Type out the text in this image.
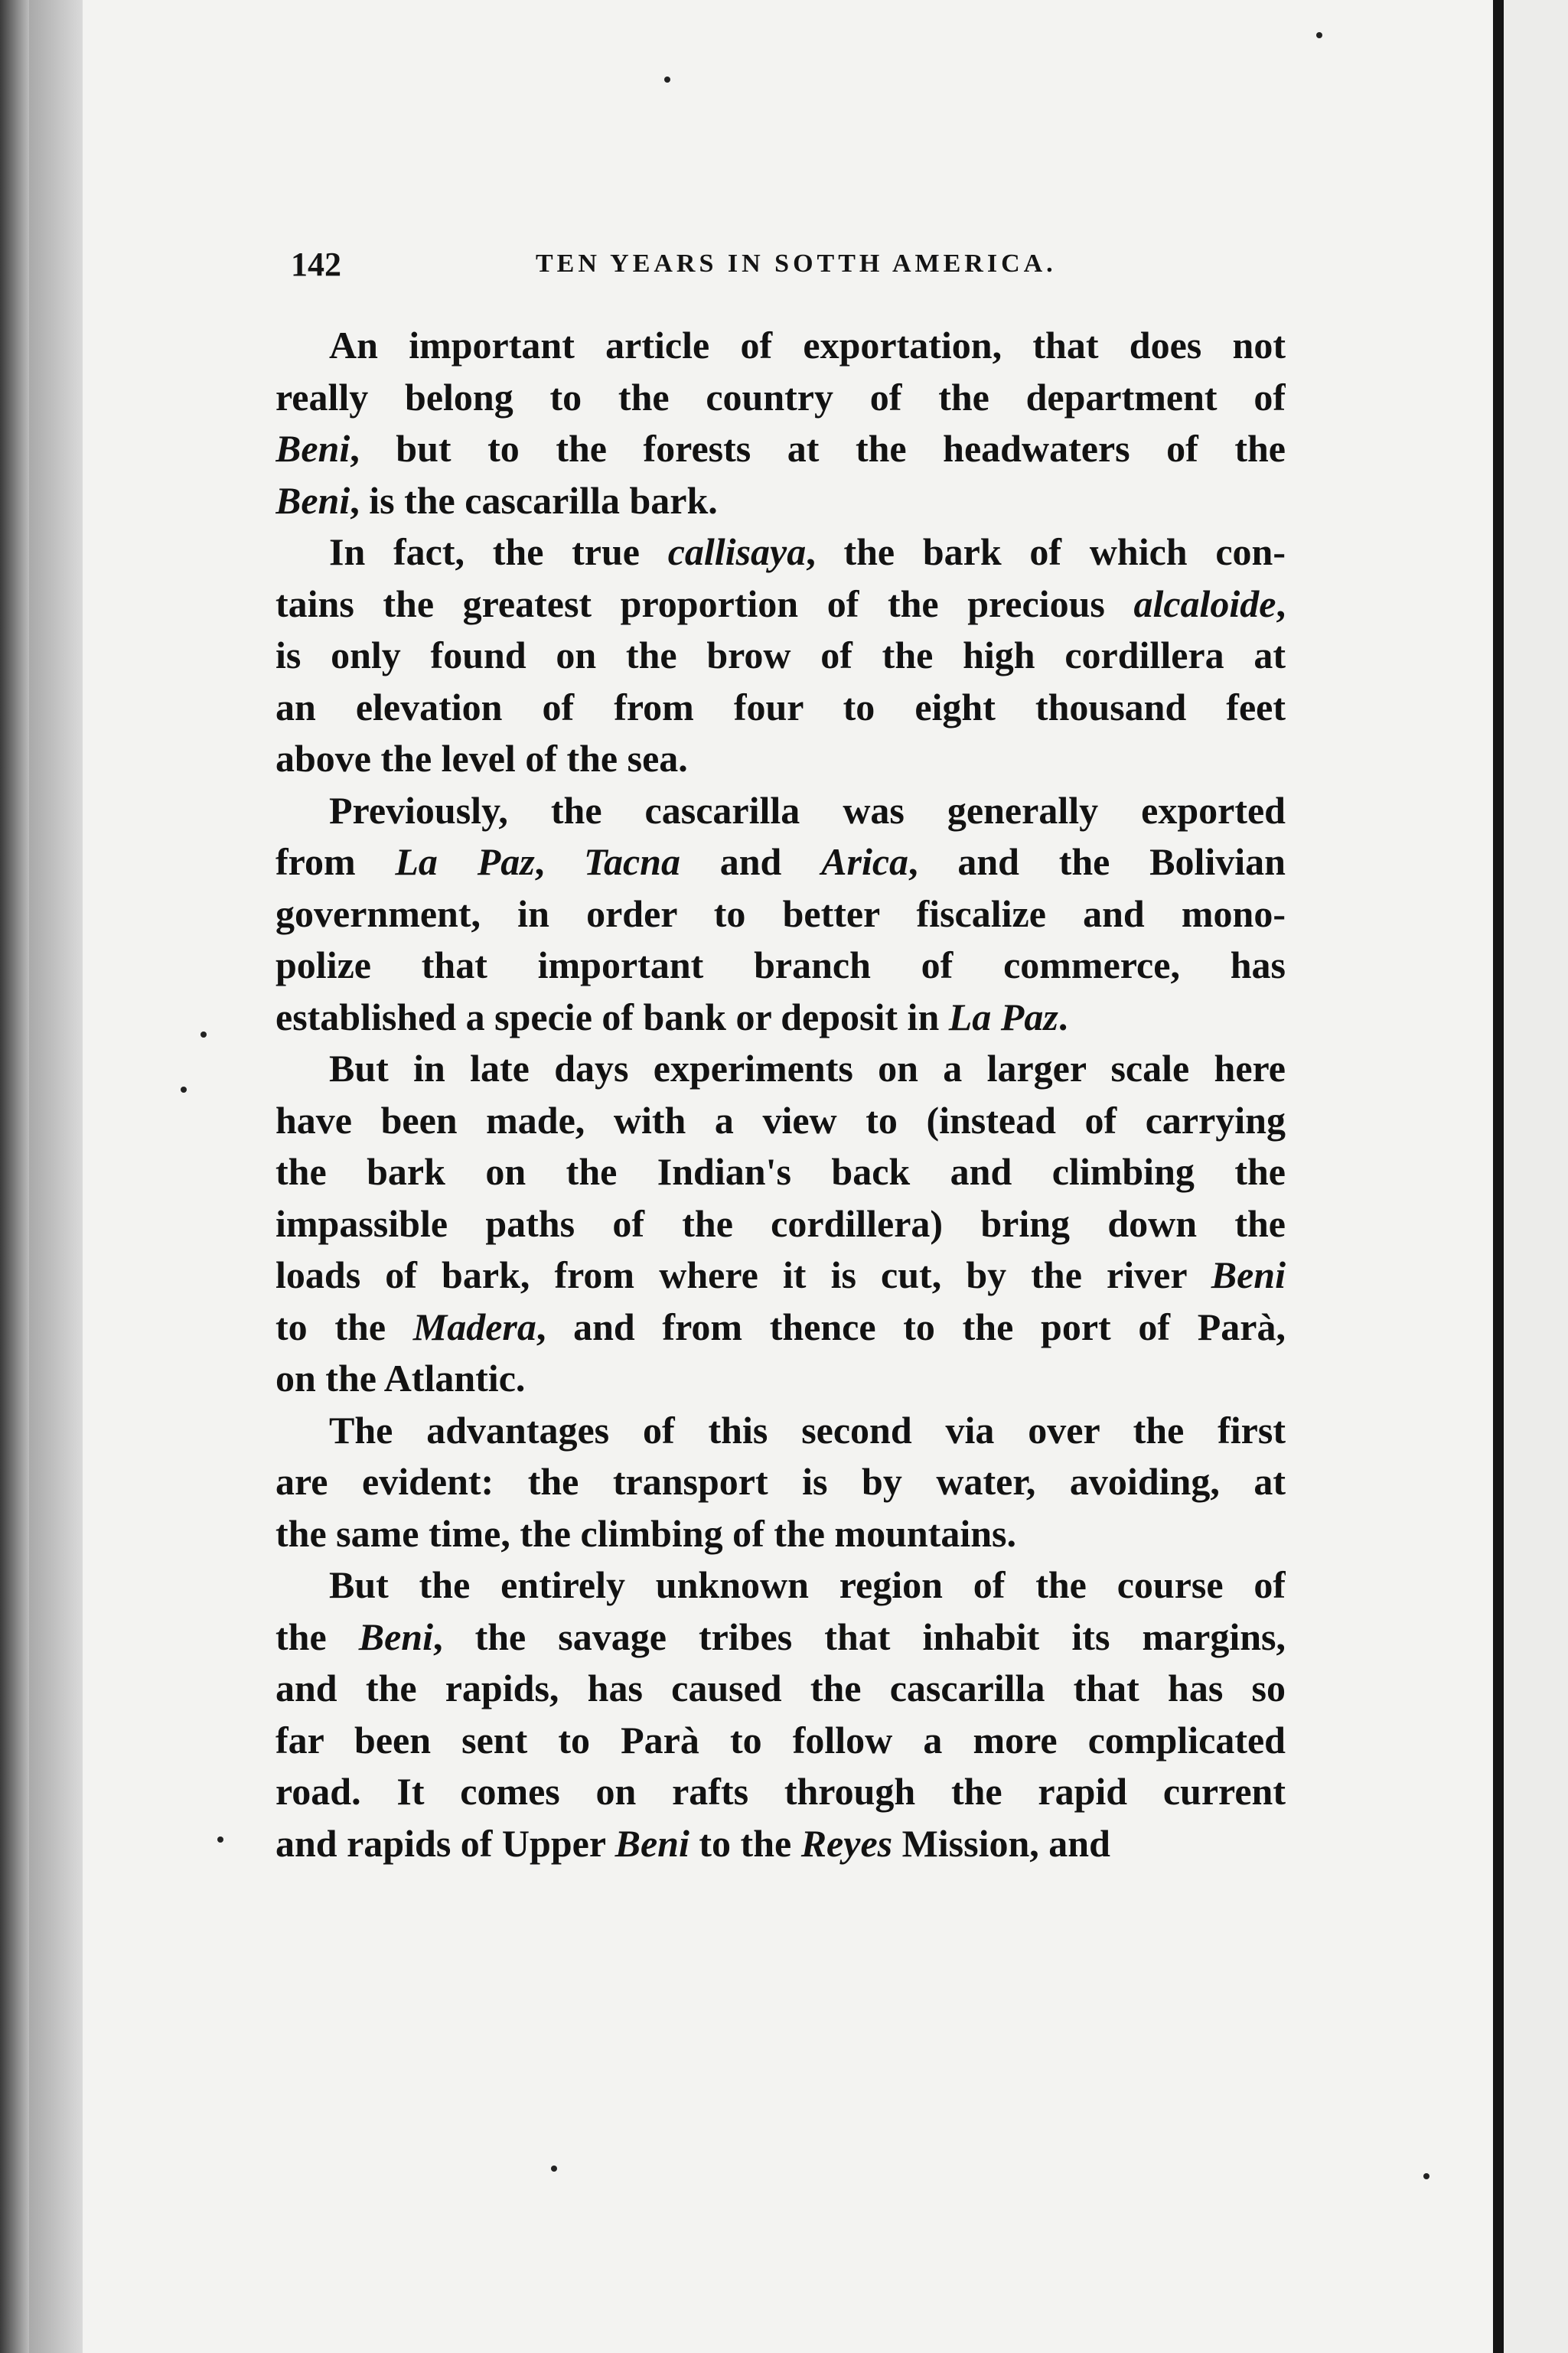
142	TEN YEARS IN SOTTH AMERICA.
An important article of exportation, that does not
really belong to the country of the department of
Beni, but to the forests at the headwaters of the
Beni, is the cascarilla bark.
In fact, the true callisaya, the bark of which con-
tains the greatest proportion of the precious alcaloide,
is only found on the brow of the high cordillera at
an elevation of from four to eight thousand feet
above the level of the sea.
Previously, the cascarilla was generally exported
from La Paz, Tacna and Arica, and the Bolivian
government, in order to better fiscalize and mono-
polize that important branch of commerce, has
established a specie of bank or deposit in La Paz.
But in late days experiments on a larger scale here
have been made, with a view to (instead of carrying
the bark on the Indian's back and climbing the
impassible paths of the cordillera) bring down the
loads of bark, from where it is cut, by the river Beni
to the Madera, and from thence to the port of Parà,
on the Atlantic.
The advantages of this second via over the first
are evident: the transport is by water, avoiding, at
the same time, the climbing of the mountains.
But the entirely unknown region of the course of
the Beni, the savage tribes that inhabit its margins,
and the rapids, has caused the cascarilla that has so
far been sent to Parà to follow a more complicated
road. It comes on rafts through the rapid current
and rapids of Upper Beni to the Reyes Mission, and
